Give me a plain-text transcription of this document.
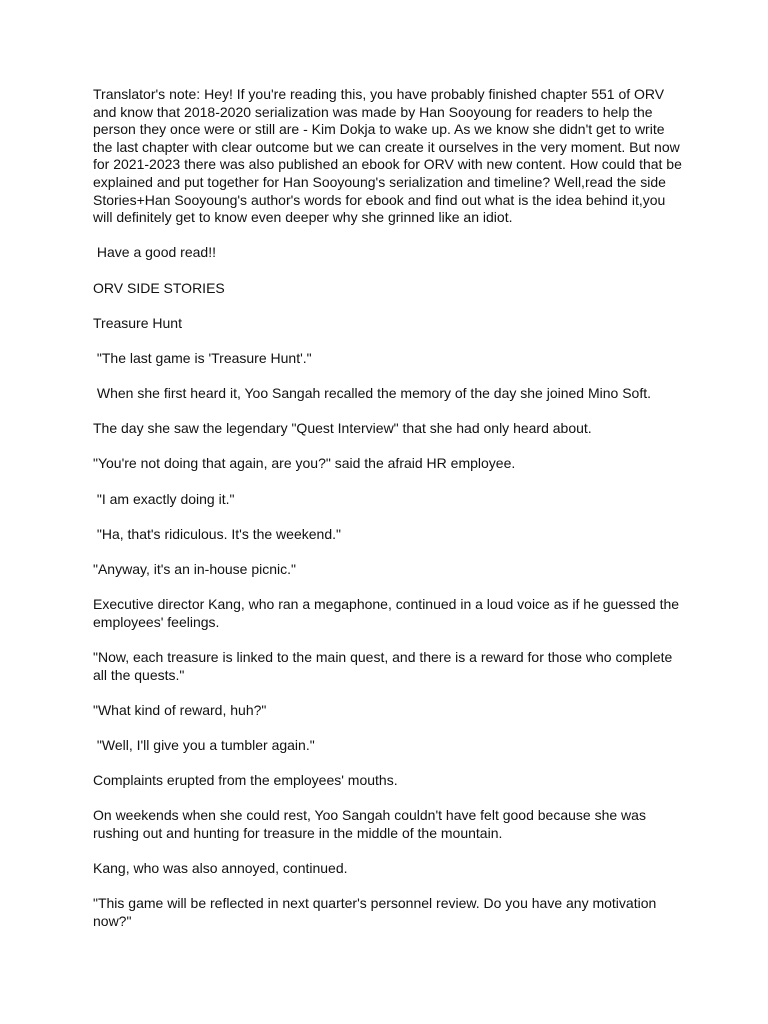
Translator's note: Hey! If you're reading this, you have probably finished chapter 551 of ORV and know that 2018-2020 serialization was made by Han Sooyoung for readers to help the person they once were or still are - Kim Dokja to wake up. As we know she didn't get to write the last chapter with clear outcome but we can create it ourselves in the very moment. But now for 2021-2023 there was also published an ebook for ORV with new content. How could that be explained and put together for Han Sooyoung's serialization and timeline? Well,read the side Stories+Han Sooyoung's author's words for ebook and find out what is the idea behind it,you will definitely get to know even deeper why she grinned like an idiot.

Have a good read!!

ORV SIDE STORIES

Treasure Hunt

"The last game is 'Treasure Hunt'."

When she first heard it, Yoo Sangah recalled the memory of the day she joined Mino Soft.

The day she saw the legendary "Quest Interview" that she had only heard about.

"You're not doing that again, are you?" said the afraid HR employee.

"I am exactly doing it."

"Ha, that's ridiculous. It's the weekend."

"Anyway, it's an in-house picnic."

Executive director Kang, who ran a megaphone, continued in a loud voice as if he guessed the employees' feelings.

"Now, each treasure is linked to the main quest, and there is a reward for those who complete all the quests."

"What kind of reward, huh?"

"Well, I'll give you a tumbler again."

Complaints erupted from the employees' mouths.

On weekends when she could rest, Yoo Sangah couldn't have felt good because she was rushing out and hunting for treasure in the middle of the mountain.

Kang, who was also annoyed, continued.

"This game will be reflected in next quarter's personnel review. Do you have any motivation now?"
